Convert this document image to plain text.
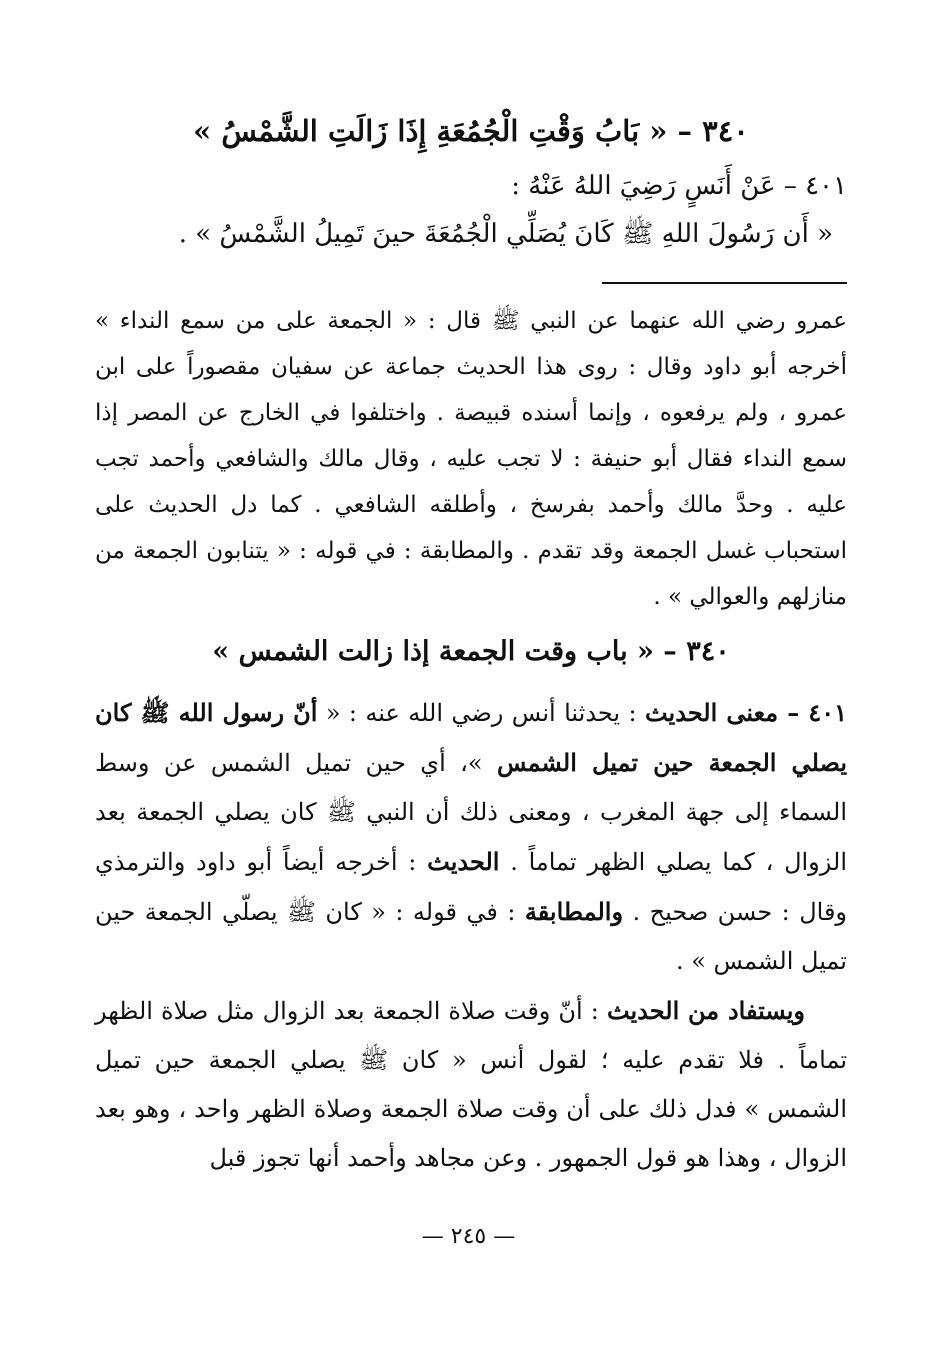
٣٤٠ – « بَابُ وَقْتِ الْجُمُعَةِ إِذَا زَالَتِ الشَّمْسُ »

٤٠١ – عَنْ أَنَسٍ رَضِيَ اللهُ عَنْهُ :

« أَن رَسُولَ اللهِ ﷺ كَانَ يُصَلِّي الْجُمُعَةَ حينَ تَمِيلُ الشَّمْسُ » .

عمرو رضي الله عنهما عن النبي ﷺ قال : « الجمعة على من سمع النداء » أخرجه أبو داود وقال : روى هذا الحديث جماعة عن سفيان مقصوراً على ابن عمرو ، ولم يرفعوه ، وإنما أسنده قبيصة . واختلفوا في الخارج عن المصر إذا سمع النداء فقال أبو حنيفة : لا تجب عليه ، وقال مالك والشافعي وأحمد تجب عليه . وحدَّ مالك وأحمد بفرسخ ، وأطلقه الشافعي . كما دل الحديث على استحباب غسل الجمعة وقد تقدم . والمطابقة : في قوله : « يتنابون الجمعة من منازلهم والعوالي » .

٣٤٠ – « باب وقت الجمعة إذا زالت الشمس »

٤٠١ – معنى الحديث : يحدثنا أنس رضي الله عنه : « أنّ رسول الله ﷺ كان يصلي الجمعة حين تميل الشمس »، أي حين تميل الشمس عن وسط السماء إلى جهة المغرب ، ومعنى ذلك أن النبي ﷺ كان يصلي الجمعة بعد الزوال ، كما يصلي الظهر تماماً . الحديث : أخرجه أيضاً أبو داود والترمذي وقال : حسن صحيح . والمطابقة : في قوله : « كان ﷺ يصلّي الجمعة حين تميل الشمس » .

ويستفاد من الحديث : أنّ وقت صلاة الجمعة بعد الزوال مثل صلاة الظهر تماماً . فلا تقدم عليه ؛ لقول أنس « كان ﷺ يصلي الجمعة حين تميل الشمس » فدل ذلك على أن وقت صلاة الجمعة وصلاة الظهر واحد ، وهو بعد الزوال ، وهذا هو قول الجمهور . وعن مجاهد وأحمد أنها تجوز قبل

— ٢٤٥ —
